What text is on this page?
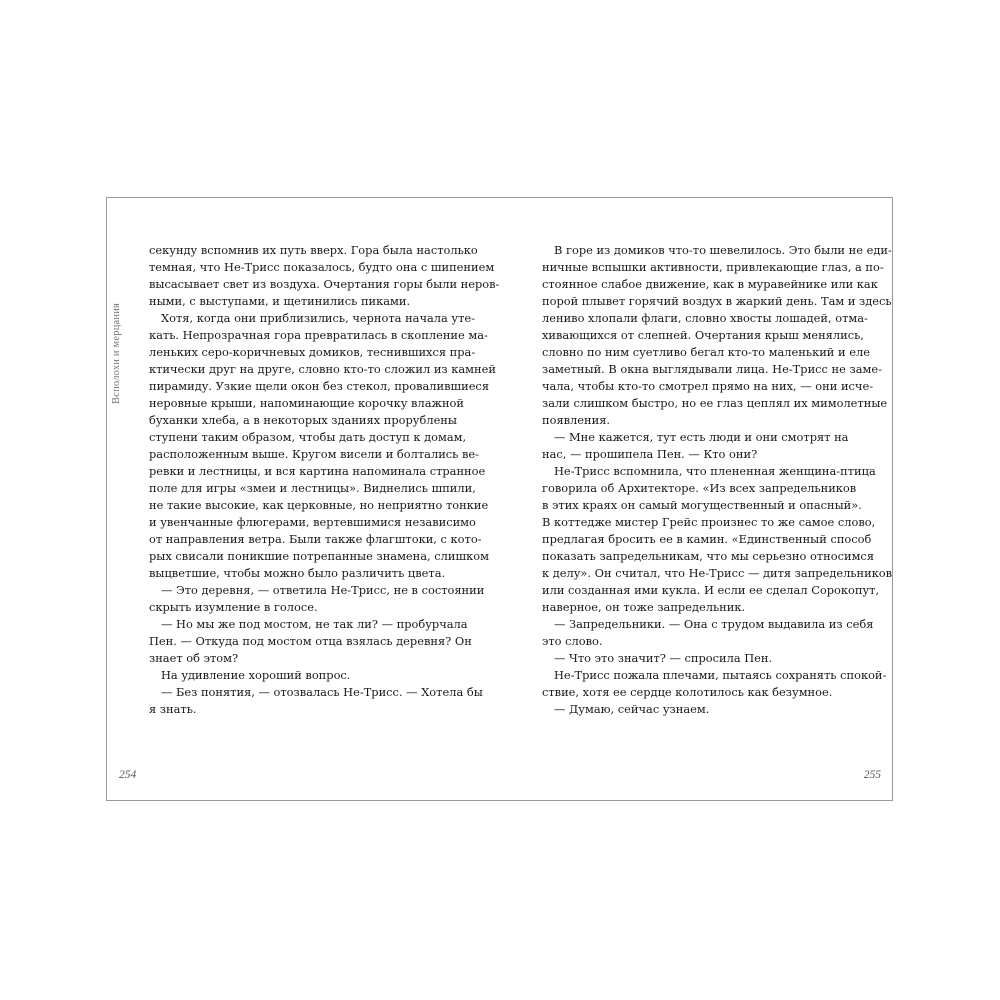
Всполохи и мерцания
секунду вспомнив их путь вверх. Гора была настолько
темная, что Не-Трисс показалось, будто она с шипением
высасывает свет из воздуха. Очертания горы были неров-
ными, с выступами, и щетинились пиками.
Хотя, когда они приблизились, чернота начала утe-
кать. Непрозрачная гора превратилась в скопление ма-
леньких серо-коричневых домиков, теснившихся пра-
ктически друг на друге, словно кто-то сложил из камней
пирамиду. Узкие щели окон без стекол, провалившиеся
неровные крыши, напоминающие корочку влажной
буханки хлеба, а в некоторых зданиях прорублены
ступени таким образом, чтобы дать доступ к домам,
расположенным выше. Кругом висели и болтались ве-
ревки и лестницы, и вся картина напоминала странное
поле для игры «змеи и лестницы». Виднелись шпили,
не такие высокие, как церковные, но неприятно тонкие
и увенчанные флюгерами, вертевшимися независимо
от направления ветра. Были также флагштоки, с кото-
рых свисали поникшие потрепанные знамена, слишком
выцветшие, чтобы можно было различить цвета.
— Это деревня, — ответила Не-Трисс, не в состоянии
скрыть изумление в голосе.
— Но мы же под мостом, не так ли? — пробурчала
Пен. — Откуда под мостом отца взялась деревня? Он
знает об этом?
На удивление хороший вопрос.
— Без понятия, — отозвалась Не-Трисс. — Хотела бы
я знать.
254
В горе из домиков что-то шевелилось. Это были не еди-
ничные вспышки активности, привлекающие глаз, а по-
стоянное слабое движение, как в муравейнике или как
порой плывет горячий воздух в жаркий день. Там и здесь
лениво хлопали флаги, словно хвосты лошадей, отма-
хивающихся от слепней. Очертания крыш менялись,
словно по ним суетливо бегал кто-то маленький и еле
заметный. В окна выглядывали лица. Не-Трисс не заме-
чала, чтобы кто-то смотрел прямо на них, — они исче-
зали слишком быстро, но ее глаз цеплял их мимолетные
появления.
— Мне кажется, тут есть люди и они смотрят на
нас, — прошипела Пен. — Кто они?
Не-Трисс вспомнила, что плененная женщина-птица
говорила об Архитекторе. «Из всех запредельников
в этих краях он самый могущественный и опасный».
В коттедже мистер Грейс произнес то же самое слово,
предлагая бросить ее в камин. «Единственный способ
показать запредельникам, что мы серьезно относимся
к делу». Он считал, что Не-Трисс — дитя запредельников
или созданная ими кукла. И если ее сделал Сорокопут,
наверное, он тоже запредельник.
— Запредельники. — Она с трудом выдавила из себя
это слово.
— Что это значит? — спросила Пен.
Не-Трисс пожала плечами, пытаясь сохранять спокой-
ствие, хотя ее сердце колотилось как безумное.
— Думаю, сейчас узнаем.
255
